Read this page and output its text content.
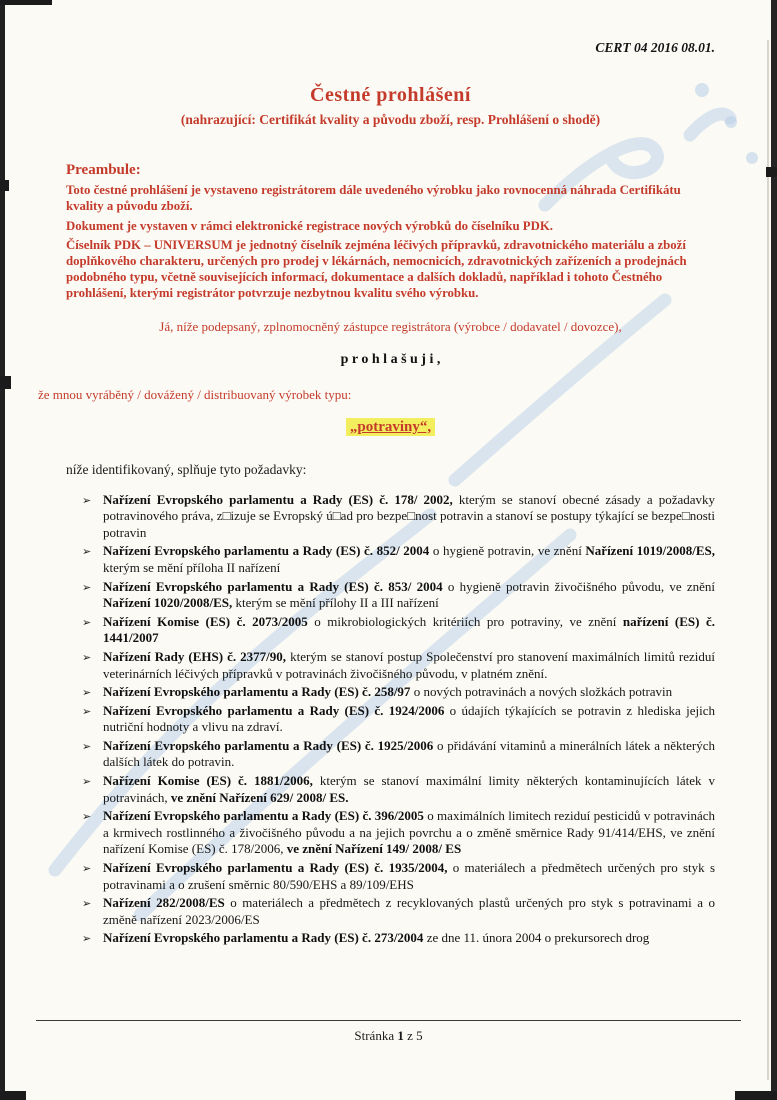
CERT 04 2016 08.01.
Čestné prohlášení
(nahrazující: Certifikát kvality a původu zboží, resp. Prohlášení o shodě)
Preambule:

Toto čestné prohlášení je vystaveno registrátorem dále uvedeného výrobku jako rovnocenná náhrada Certifikátu kvality a původu zboží.

Dokument je vystaven v rámci elektronické registrace nových výrobků do číselníku PDK.

Číselník PDK – UNIVERSUM je jednotný číselník zejména léčivých přípravků, zdravotnického materiálu a zboží doplňkového charakteru, určených pro prodej v lékárnách, nemocnicích, zdravotnických zařízeních a prodejnách podobného typu, včetně souvisejících informací, dokumentace a dalších dokladů, například i tohoto Čestného prohlášení, kterými registrátor potvrzuje nezbytnou kvalitu svého výrobku.

Já, níže podepsaný, zplnomocněný zástupce registrátora (výrobce / dodavatel / dovozce),
p r o h l a š u j i ,
že mnou vyráběný / dovážený / distribuovaný výrobek typu:
„potraviny“,
níže identifikovaný, splňuje tyto požadavky:
➢ Nařízení Evropského parlamentu a Rady (ES) č. 178/ 2002, kterým se stanoví obecné zásady a požadavky potravinového práva, z□izuje se Evropský ú□ad pro bezpe□nost potravin a stanoví se postupy týkající se bezpe□nosti potravin
➢ Nařízení Evropského parlamentu a Rady (ES) č. 852/ 2004 o hygieně potravin, ve znění Nařízení 1019/2008/ES, kterým se mění příloha II nařízení
➢ Nařízení Evropského parlamentu a Rady (ES) č. 853/ 2004 o hygieně potravin živočišného původu, ve znění Nařízení 1020/2008/ES, kterým se mění přílohy II a III nařízení
➢ Nařízení Komise (ES) č. 2073/2005 o mikrobiologických kritériích pro potraviny, ve znění nařízení (ES) č. 1441/2007
➢ Nařízení Rady (EHS) č. 2377/90, kterým se stanoví postup Společenství pro stanovení maximálních limitů reziduí veterinárních léčivých přípravků v potravinách živočišného původu, v platném znění.
➢ Nařízení Evropského parlamentu a Rady (ES) č. 258/97 o nových potravinách a nových složkách potravin
➢ Nařízení Evropského parlamentu a Rady (ES) č. 1924/2006 o údajích týkajících se potravin z hlediska jejich nutriční hodnoty a vlivu na zdraví.
➢ Nařízení Evropského parlamentu a Rady (ES) č. 1925/2006 o přidávání vitaminů a minerálních látek a některých dalších látek do potravin.
➢ Nařízení Komise (ES) č. 1881/2006, kterým se stanoví maximální limity některých kontaminujících látek v potravinách, ve znění Nařízení 629/ 2008/ ES.
➢ Nařízení Evropského parlamentu a Rady (ES) č. 396/2005 o maximálních limitech reziduí pesticidů v potravinách a krmivech rostlinného a živočišného původu a na jejich povrchu a o změně směrnice Rady 91/414/EHS, ve znění nařízení Komise (ES) č. 178/2006, ve znění Nařízení 149/ 2008/ ES
➢ Nařízení Evropského parlamentu a Rady (ES) č. 1935/2004, o materiálech a předmětech určených pro styk s potravinami a o zrušení směrnic 80/590/EHS a 89/109/EHS
➢ Nařízení 282/2008/ES o materiálech a předmětech z recyklovaných plastů určených pro styk s potravinami a o změně nařízení 2023/2006/ES
➢ Nařízení Evropského parlamentu a Rady (ES) č. 273/2004 ze dne 11. února 2004 o prekursorech drog
Stránka 1 z 5
